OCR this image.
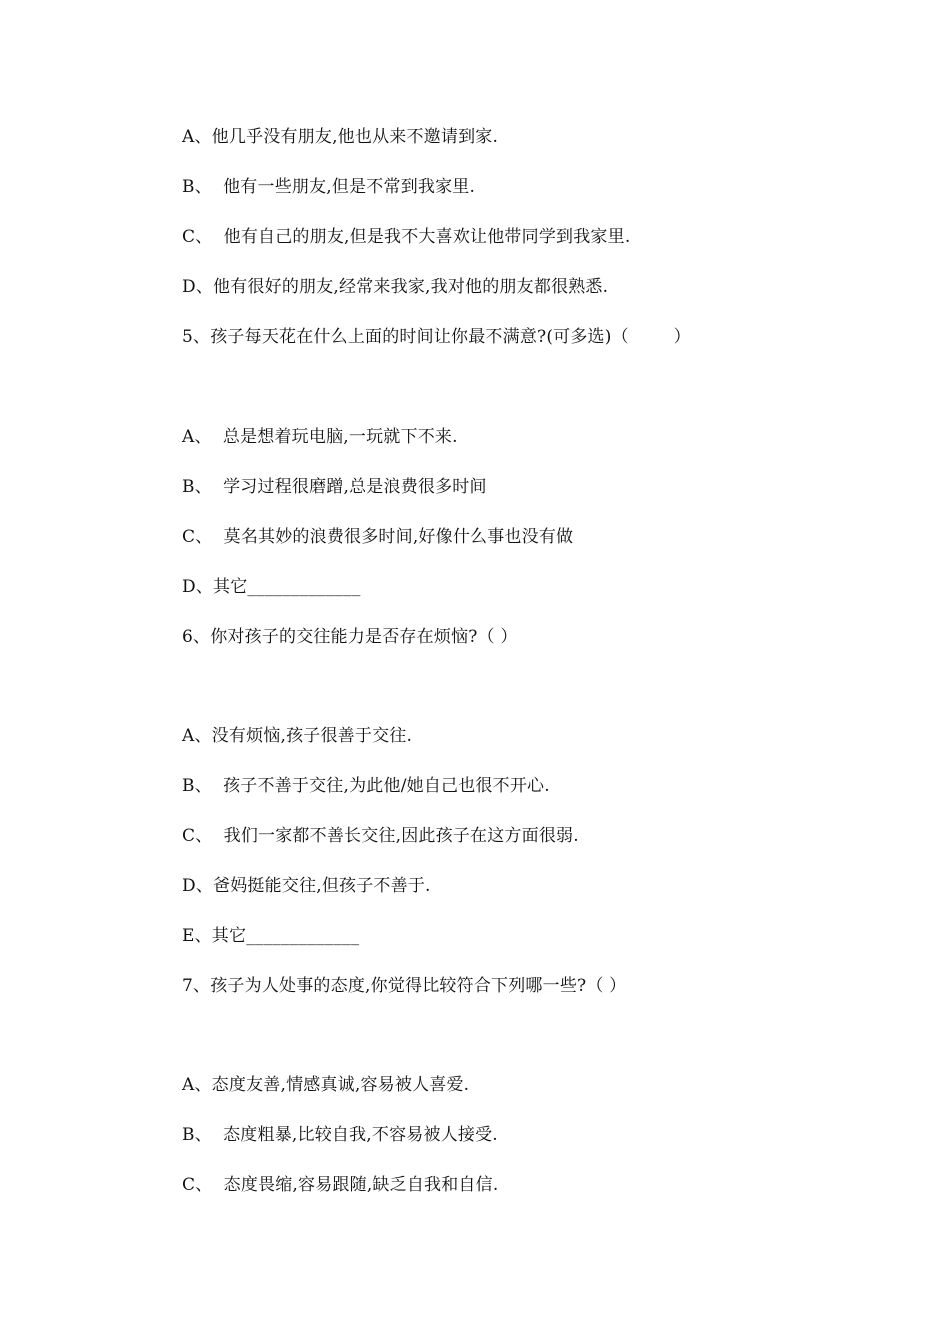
A、他几乎没有朋友,他也从来不邀请到家.
B、  他有一些朋友,但是不常到我家里.
C、  他有自己的朋友,但是我不大喜欢让他带同学到我家里.
D、他有很好的朋友,经常来我家,我对他的朋友都很熟悉.
5、孩子每天花在什么上面的时间让你最不满意?(可多选)（        ）
A、  总是想着玩电脑,一玩就下不来.
B、  学习过程很磨蹭,总是浪费很多时间
C、  莫名其妙的浪费很多时间,好像什么事也没有做
D、其它_____________
6、你对孩子的交往能力是否存在烦恼?（ ）
A、没有烦恼,孩子很善于交往.
B、  孩子不善于交往,为此他/她自己也很不开心.
C、  我们一家都不善长交往,因此孩子在这方面很弱.
D、爸妈挺能交往,但孩子不善于.
E、其它_____________
7、孩子为人处事的态度,你觉得比较符合下列哪一些?（ ）
A、态度友善,情感真诚,容易被人喜爱.
B、  态度粗暴,比较自我,不容易被人接受.
C、  态度畏缩,容易跟随,缺乏自我和自信.
